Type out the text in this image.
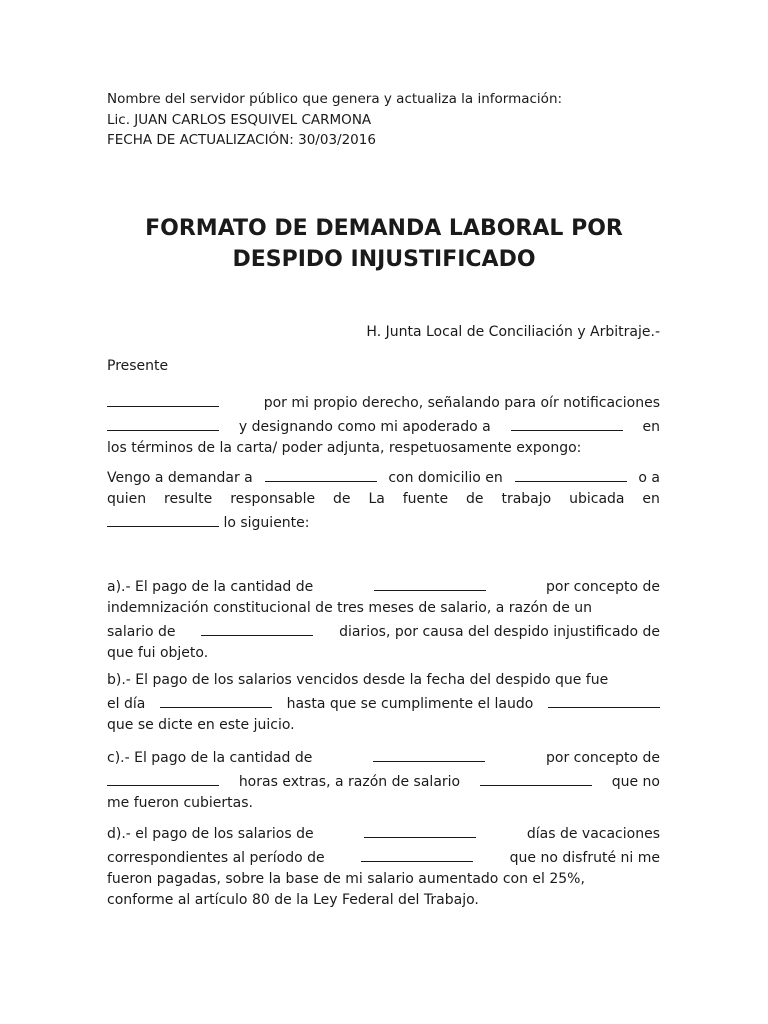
Nombre del servidor público que genera y actualiza la información:
Lic. JUAN CARLOS ESQUIVEL CARMONA
FECHA DE ACTUALIZACIÓN: 30/03/2016
FORMATO DE DEMANDA LABORAL POR
DESPIDO INJUSTIFICADO
H. Junta Local de Conciliación y Arbitraje.-
Presente
por mi propio derecho, señalando para oír notificaciones
y designando como mi apoderado a	en
los términos de la carta/ poder adjunta, respetuosamente expongo:
Vengo a demandar a	con domicilio en	o a
quien resulte responsable de La fuente de trabajo ubicada en
lo siguiente:
a).- El pago de la cantidad de	por concepto de
indemnización constitucional de tres meses de salario, a razón de un
salario de	diarios, por causa del despido injustificado de
que fui objeto.
b).- El pago de los salarios vencidos desde la fecha del despido que fue
el día	hasta que se cumplimente el laudo
que se dicte en este juicio.
c).- El pago de la cantidad de	por concepto de
horas extras, a razón de salario	que no
me fueron cubiertas.
d).- el pago de los salarios de	días de vacaciones
correspondientes al período de	que no disfruté ni me
fueron pagadas, sobre la base de mi salario aumentado con el 25%,
conforme al artículo 80 de la Ley Federal del Trabajo.
